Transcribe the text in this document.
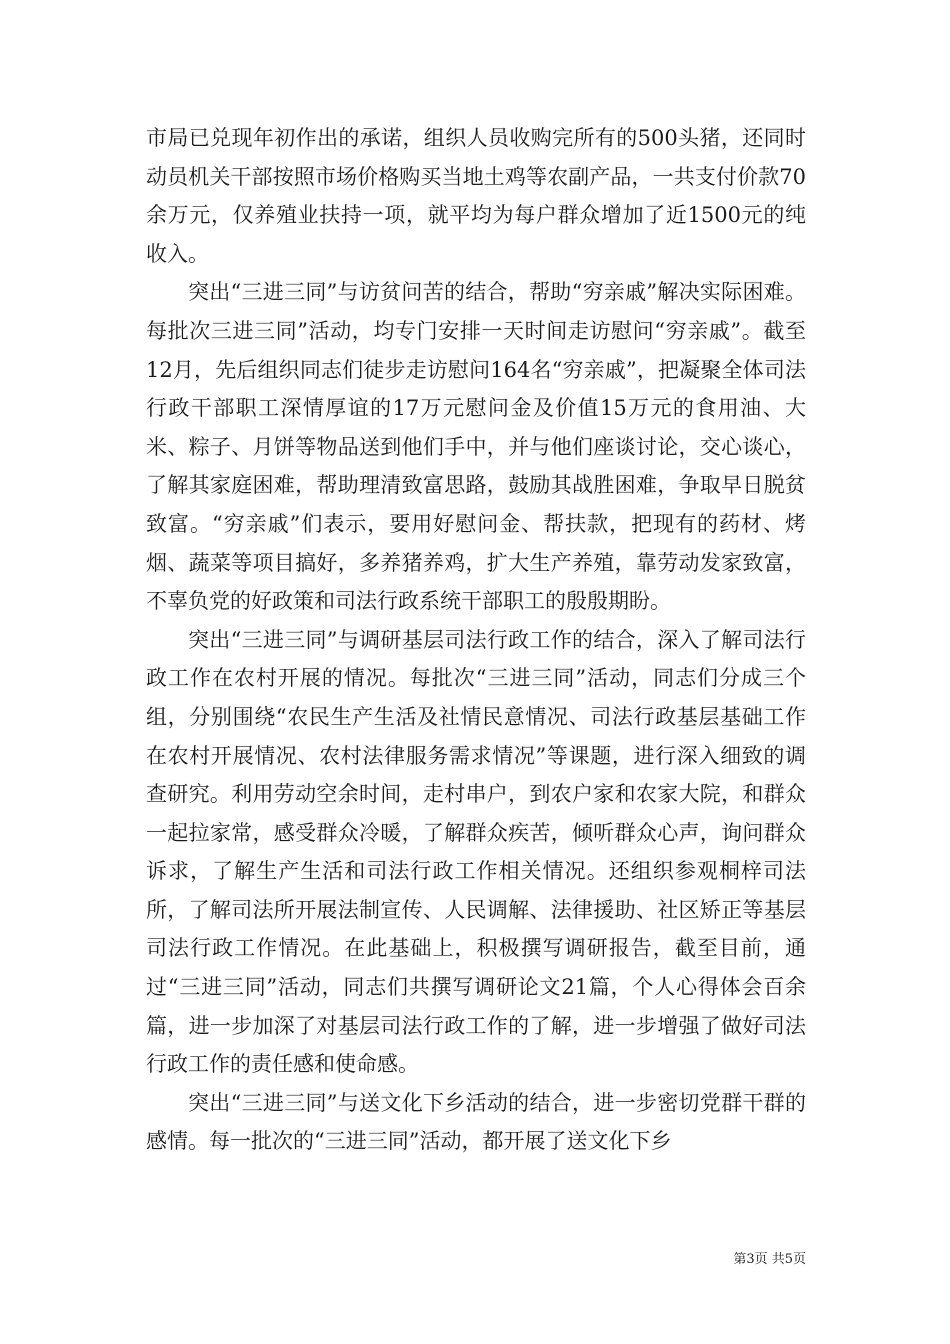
市局已兑现年初作出的承诺，组织人员收购完所有的500头猪，还同时动员机关干部按照市场价格购买当地土鸡等农副产品，一共支付价款70余万元，仅养殖业扶持一项，就平均为每户群众增加了近1500元的纯收入。

突出“三进三同”与访贫问苦的结合，帮助“穷亲戚”解决实际困难。每批次三进三同”活动，均专门安排一天时间走访慰问“穷亲戚”。截至12月，先后组织同志们徒步走访慰问164名“穷亲戚”，把凝聚全体司法行政干部职工深情厚谊的17万元慰问金及价值15万元的食用油、大米、粽子、月饼等物品送到他们手中，并与他们座谈讨论，交心谈心，了解其家庭困难，帮助理清致富思路，鼓励其战胜困难，争取早日脱贫致富。“穷亲戚”们表示，要用好慰问金、帮扶款，把现有的药材、烤烟、蔬菜等项目搞好，多养猪养鸡，扩大生产养殖，靠劳动发家致富，不辜负党的好政策和司法行政系统干部职工的殷殷期盼。

突出“三进三同”与调研基层司法行政工作的结合，深入了解司法行政工作在农村开展的情况。每批次“三进三同”活动，同志们分成三个组，分别围绕“农民生产生活及社情民意情况、司法行政基层基础工作在农村开展情况、农村法律服务需求情况”等课题，进行深入细致的调查研究。利用劳动空余时间，走村串户，到农户家和农家大院，和群众一起拉家常，感受群众冷暖，了解群众疾苦，倾听群众心声，询问群众诉求，了解生产生活和司法行政工作相关情况。还组织参观桐梓司法所，了解司法所开展法制宣传、人民调解、法律援助、社区矫正等基层司法行政工作情况。在此基础上，积极撰写调研报告，截至目前，通过“三进三同”活动，同志们共撰写调研论文21篇，个人心得体会百余篇，进一步加深了对基层司法行政工作的了解，进一步增强了做好司法行政工作的责任感和使命感。

突出“三进三同”与送文化下乡活动的结合，进一步密切党群干群的感情。每一批次的“三进三同”活动，都开展了送文化下乡

第3页 共5页
